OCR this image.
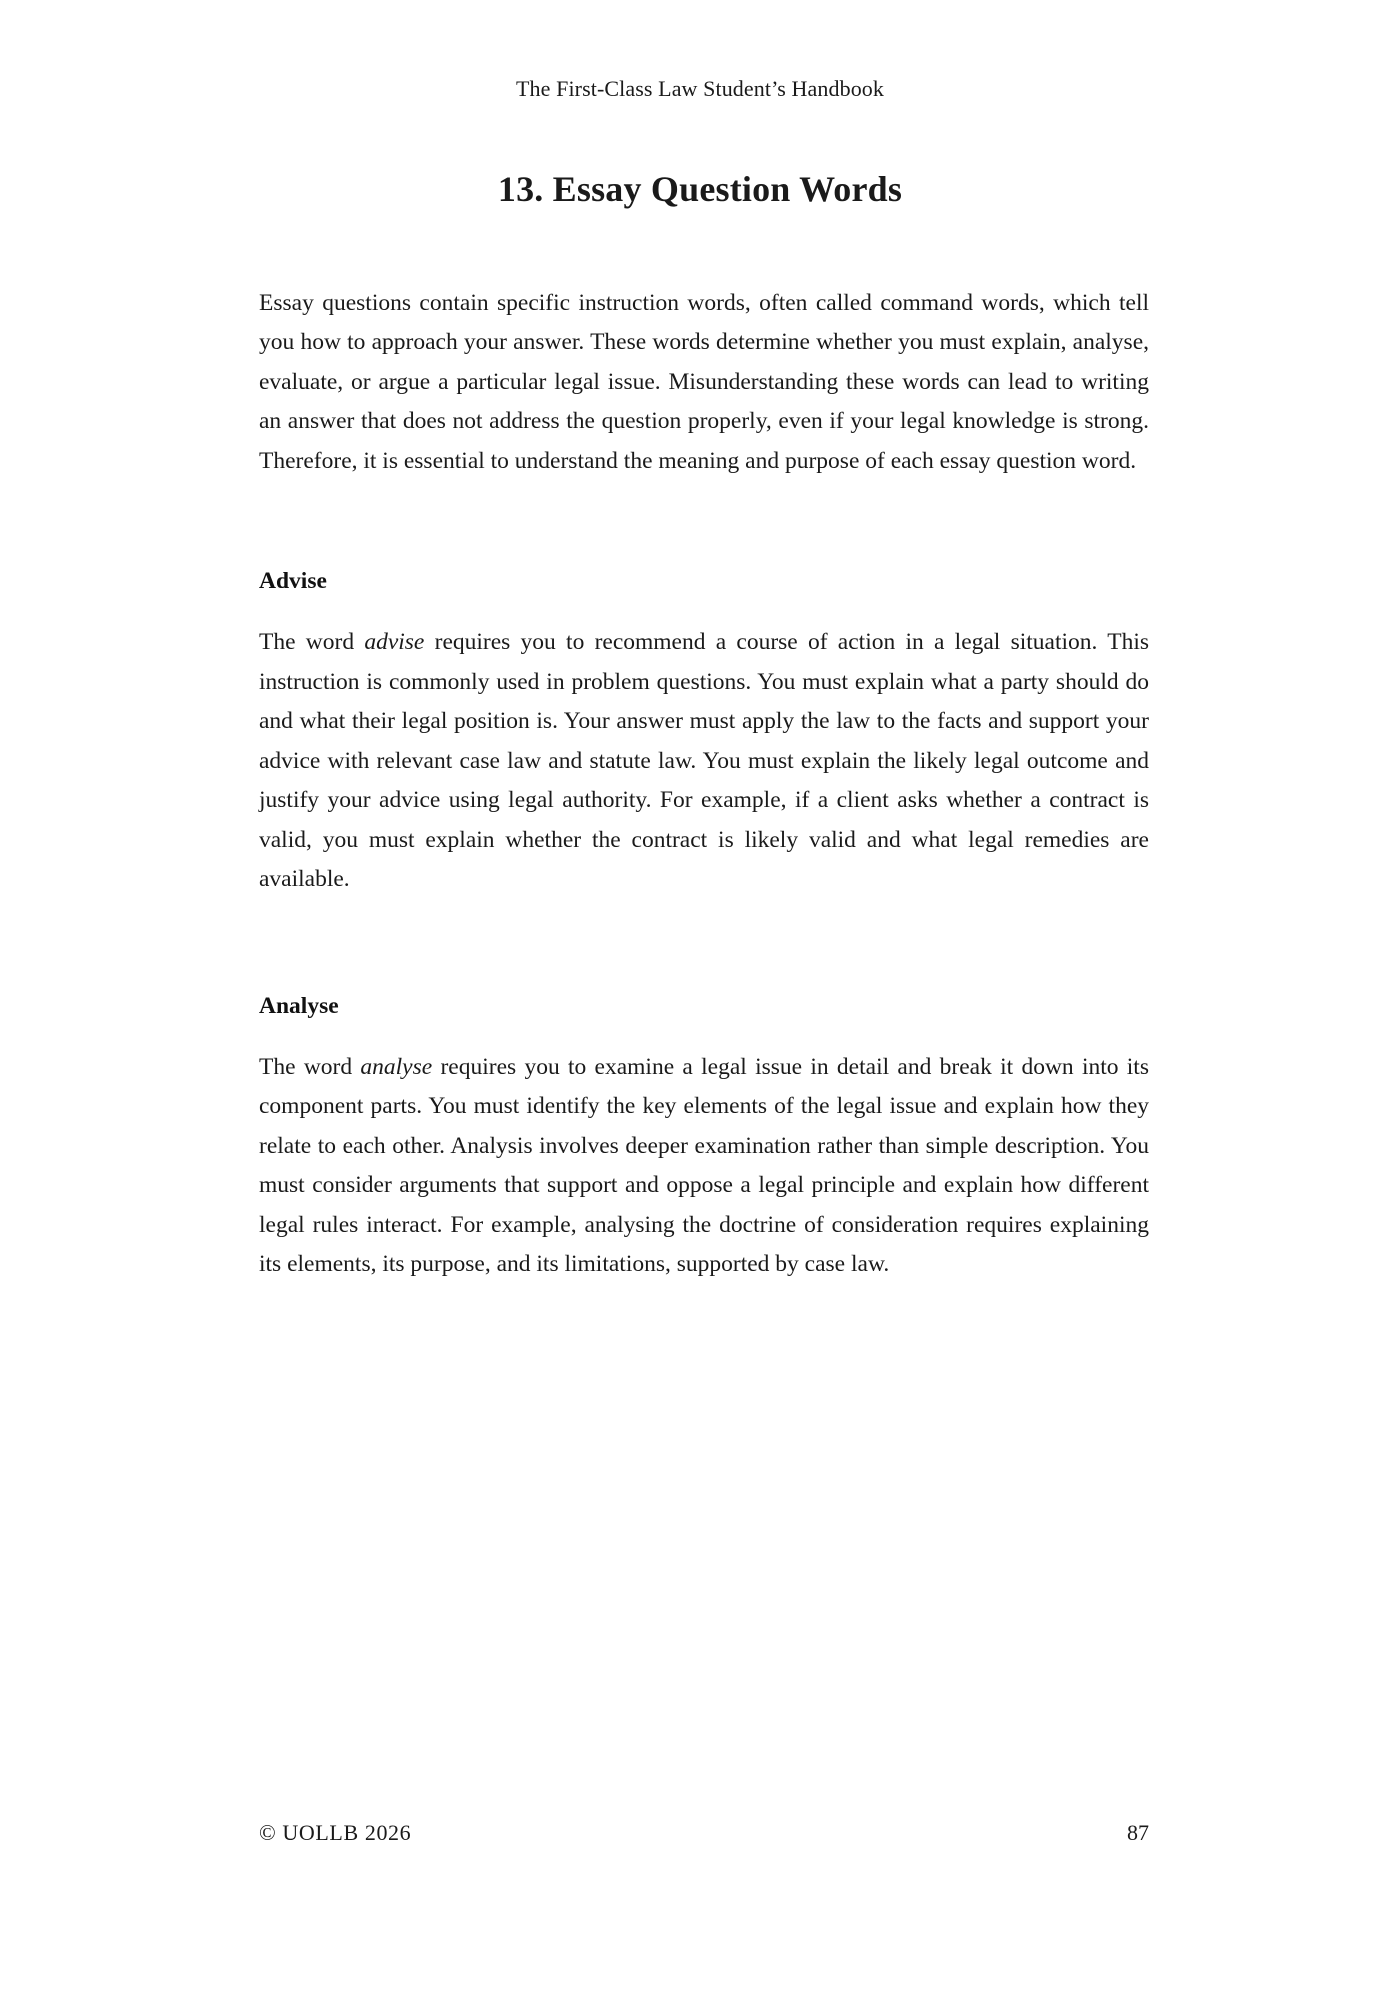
The First-Class Law Student’s Handbook
13. Essay Question Words

Essay questions contain specific instruction words, often called command words, which tell you how to approach your answer. These words determine whether you must explain, analyse, evaluate, or argue a particular legal issue. Misunderstanding these words can lead to writing an answer that does not address the question properly, even if your legal knowledge is strong. Therefore, it is essential to understand the meaning and purpose of each essay question word.

Advise

The word advise requires you to recommend a course of action in a legal situation. This instruction is commonly used in problem questions. You must explain what a party should do and what their legal position is. Your answer must apply the law to the facts and support your advice with relevant case law and statute law. You must explain the likely legal outcome and justify your advice using legal authority. For example, if a client asks whether a contract is valid, you must explain whether the contract is likely valid and what legal remedies are available.

Analyse

The word analyse requires you to examine a legal issue in detail and break it down into its component parts. You must identify the key elements of the legal issue and explain how they relate to each other. Analysis involves deeper examination rather than simple description. You must consider arguments that support and oppose a legal principle and explain how different legal rules interact. For example, analysing the doctrine of consideration requires explaining its elements, its purpose, and its limitations, supported by case law.

© UOLLB 2026	87
